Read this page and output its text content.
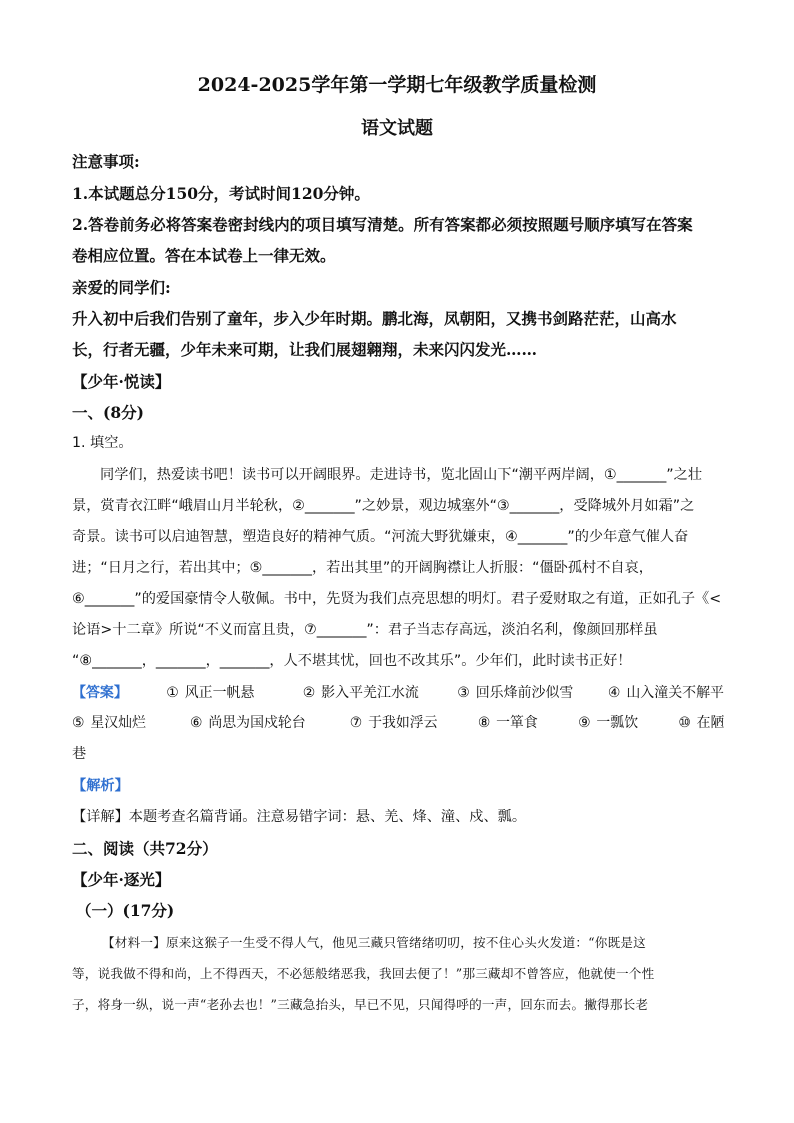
2024-2025学年第一学期七年级教学质量检测
语文试题
注意事项:
1.本试题总分150分，考试时间120分钟。
2.答卷前务必将答案卷密封线内的项目填写清楚。所有答案都必须按照题号顺序填写在答案
卷相应位置。答在本试卷上一律无效。
亲爱的同学们:
升入初中后我们告别了童年，步入少年时期。鹏北海，凤朝阳，又携书剑路茫茫，山高水
长，行者无疆，少年未来可期，让我们展翅翱翔，未来闪闪发光……
【少年·悦读】
一、(8分)
1. 填空。
同学们，热爱读书吧！读书可以开阔眼界。走进诗书，览北固山下“潮平两岸阔，①_______”之壮
景，赏青衣江畔“峨眉山月半轮秋，②_______”之妙景，观边城塞外“③_______，受降城外月如霜”之
奇景。读书可以启迪智慧，塑造良好的精神气质。“河流大野犹嫌束，④_______”的少年意气催人奋
进；“日月之行，若出其中；⑤_______，若出其里”的开阔胸襟让人折服：“僵卧孤村不自哀，
⑥_______”的爱国豪情令人敬佩。书中，先贤为我们点亮思想的明灯。君子爱财取之有道，正如孔子《<
论语>十二章》所说“不义而富且贵，⑦_______”：君子当志存高远，淡泊名利，像颜回那样虽
“⑧_______，_______，_______，人不堪其忧，回也不改其乐”。少年们，此时读书正好！
【答案】	① 风正一帆悬	② 影入平羌江水流	③ 回乐烽前沙似雪 ④ 山入潼关不解平
⑤ 星汉灿烂	⑥ 尚思为国戍轮台	⑦ 于我如浮云	⑧ 一箪食	⑨ 一瓢饮	⑩ 在陋
巷
【解析】
【详解】本题考查名篇背诵。注意易错字词：悬、羌、烽、潼、戍、瓢。
二、阅读（共72分）
【少年·逐光】
（一）(17分)
【材料一】原来这猴子一生受不得人气，他见三藏只管绪绪叨叨，按不住心头火发道：“你既是这
等，说我做不得和尚，上不得西天，不必惩般绪恶我，我回去便了！”那三藏却不曾答应，他就使一个性
子，将身一纵，说一声“老孙去也！”三藏急抬头，早已不见，只闻得呼的一声，回东而去。撇得那长老
